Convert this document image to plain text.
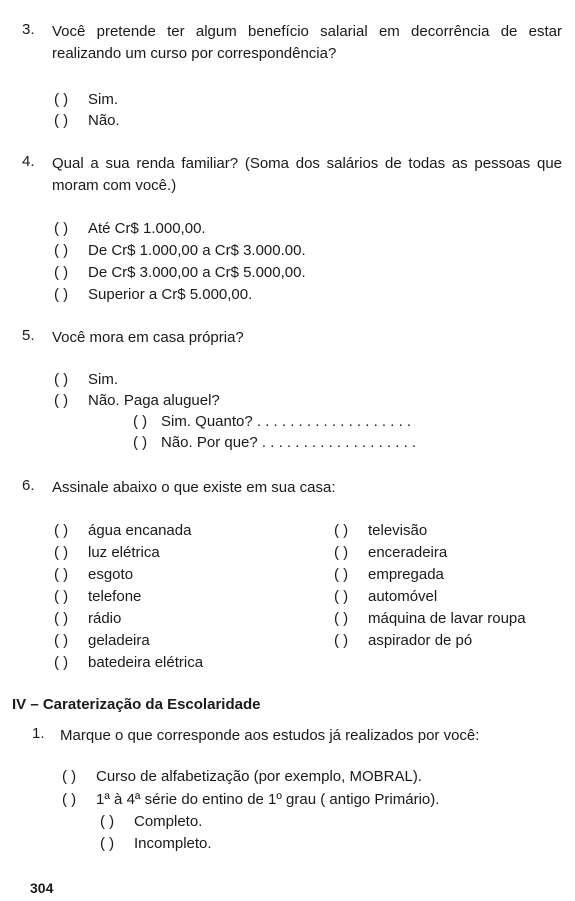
3.	Você pretende ter algum benefício salarial em decorrência de estar realizando um curso por correspondência?
( ) Sim.
( ) Não.
4.	Qual a sua renda familiar? (Soma dos salários de todas as pessoas que moram com você.)
( ) Até Cr$ 1.000,00.
( ) De Cr$ 1.000,00 a Cr$ 3.000.00.
( ) De Cr$ 3.000,00 a Cr$ 5.000,00.
( ) Superior a Cr$ 5.000,00.
5.	Você mora em casa própria?
( ) Sim.
( ) Não. Paga aluguel?
( ) Sim. Quanto? . . . . . . . . . . . . . . . . . . .
( ) Não. Por que? . . . . . . . . . . . . . . . . . . .
6.	Assinale abaixo o que existe em sua casa:
( ) água encanada
( ) luz elétrica
( ) esgoto
( ) telefone
( ) rádio
( ) geladeira
( ) batedeira elétrica
( ) televisão
( ) enceradeira
( ) empregada
( ) automóvel
( ) máquina de lavar roupa
( ) aspirador de pó
IV – Caraterização da Escolaridade
1.	Marque o que corresponde aos estudos já realizados por você:
( ) Curso de alfabetização (por exemplo, MOBRAL).
( ) 1ª à 4ª série do entino de 1º grau ( antigo Primário).
( ) Completo.
( ) Incompleto.
304
